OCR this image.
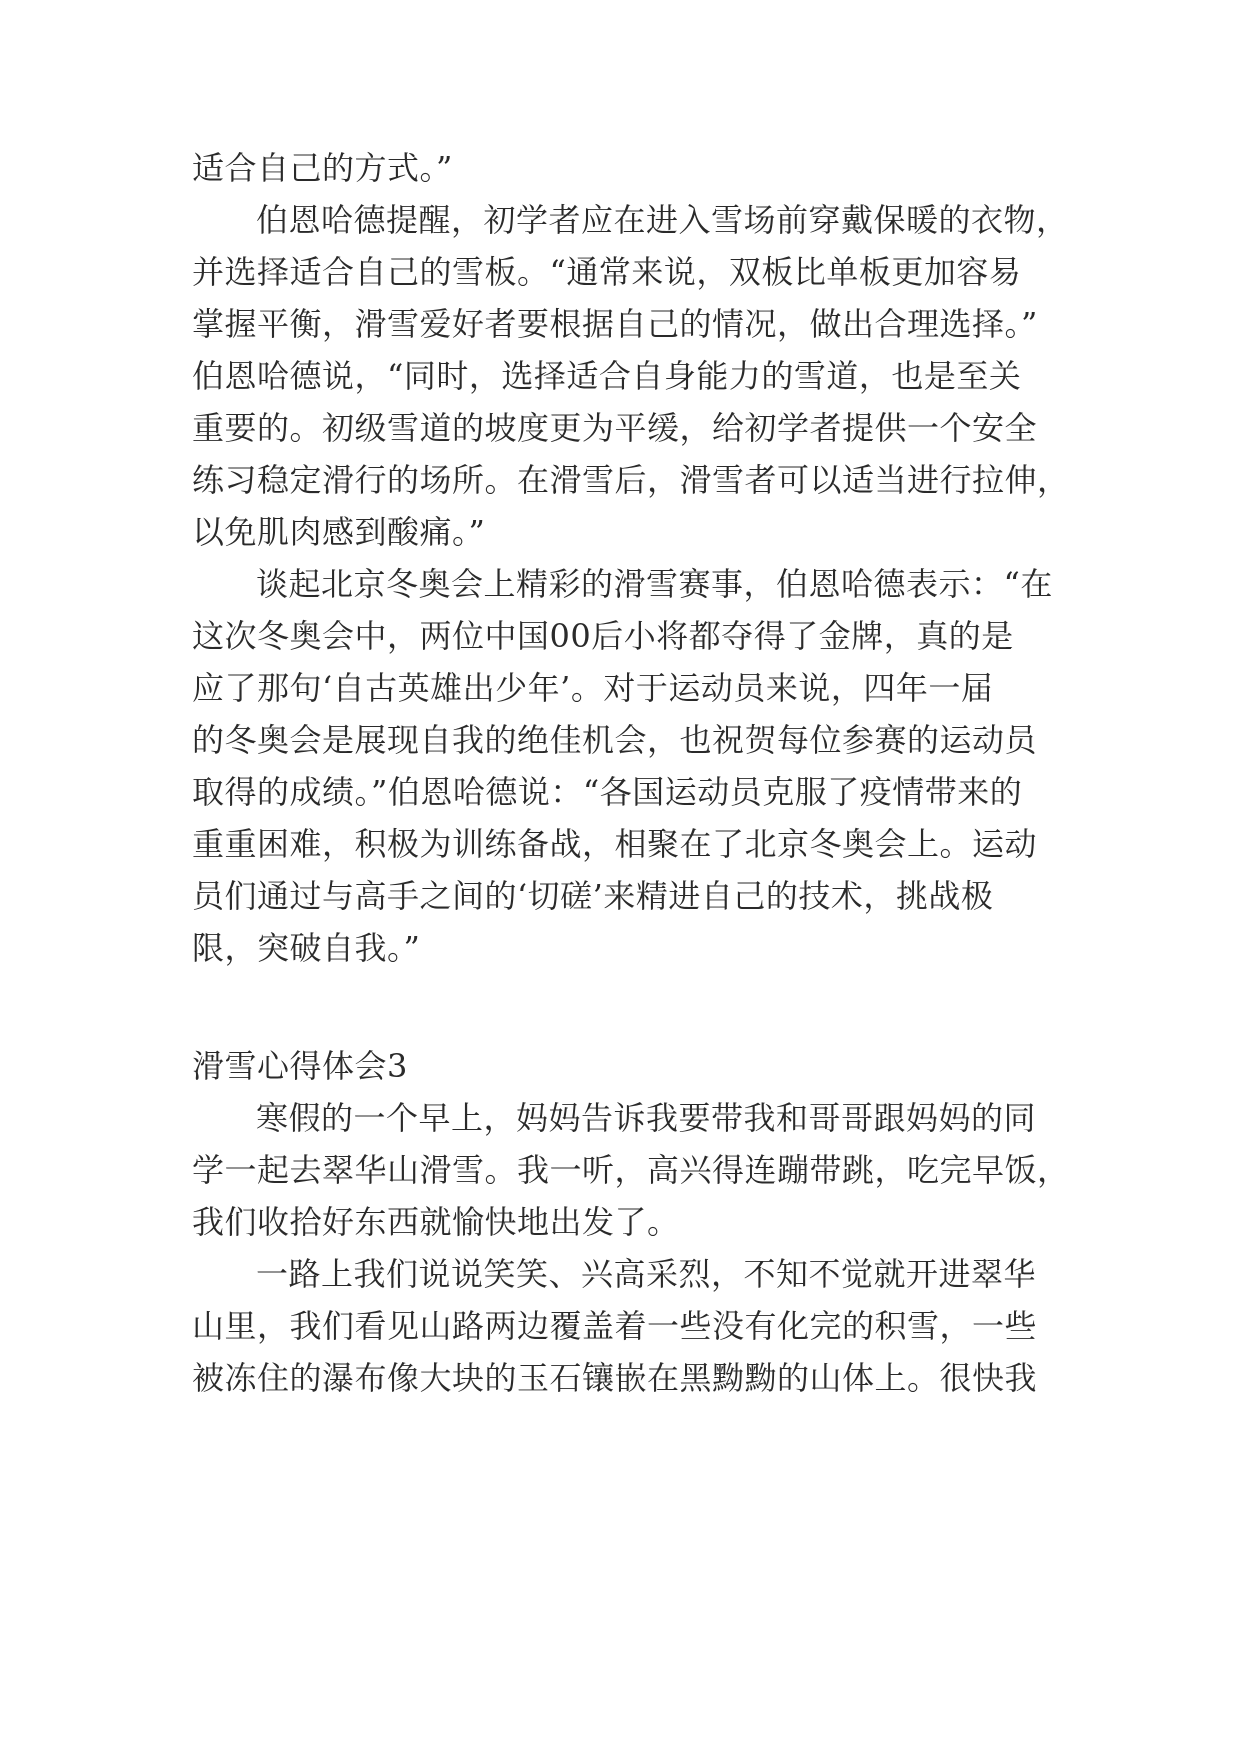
适合自己的方式。”
伯恩哈德提醒，初学者应在进入雪场前穿戴保暖的衣物，
并选择适合自己的雪板。“通常来说，双板比单板更加容易
掌握平衡，滑雪爱好者要根据自己的情况，做出合理选择。”
伯恩哈德说，“同时，选择适合自身能力的雪道，也是至关
重要的。初级雪道的坡度更为平缓，给初学者提供一个安全
练习稳定滑行的场所。在滑雪后，滑雪者可以适当进行拉伸，
以免肌肉感到酸痛。”
谈起北京冬奥会上精彩的滑雪赛事，伯恩哈德表示：“在
这次冬奥会中，两位中国00后小将都夺得了金牌，真的是
应了那句‘自古英雄出少年’。对于运动员来说，四年一届
的冬奥会是展现自我的绝佳机会，也祝贺每位参赛的运动员
取得的成绩。”伯恩哈德说：“各国运动员克服了疫情带来的
重重困难，积极为训练备战，相聚在了北京冬奥会上。运动
员们通过与高手之间的‘切磋’来精进自己的技术，挑战极
限，突破自我。”
滑雪心得体会3
寒假的一个早上，妈妈告诉我要带我和哥哥跟妈妈的同
学一起去翠华山滑雪。我一听，高兴得连蹦带跳，吃完早饭，
我们收拾好东西就愉快地出发了。
一路上我们说说笑笑、兴高采烈，不知不觉就开进翠华
山里，我们看见山路两边覆盖着一些没有化完的积雪，一些
被冻住的瀑布像大块的玉石镶嵌在黑黝黝的山体上。很快我
